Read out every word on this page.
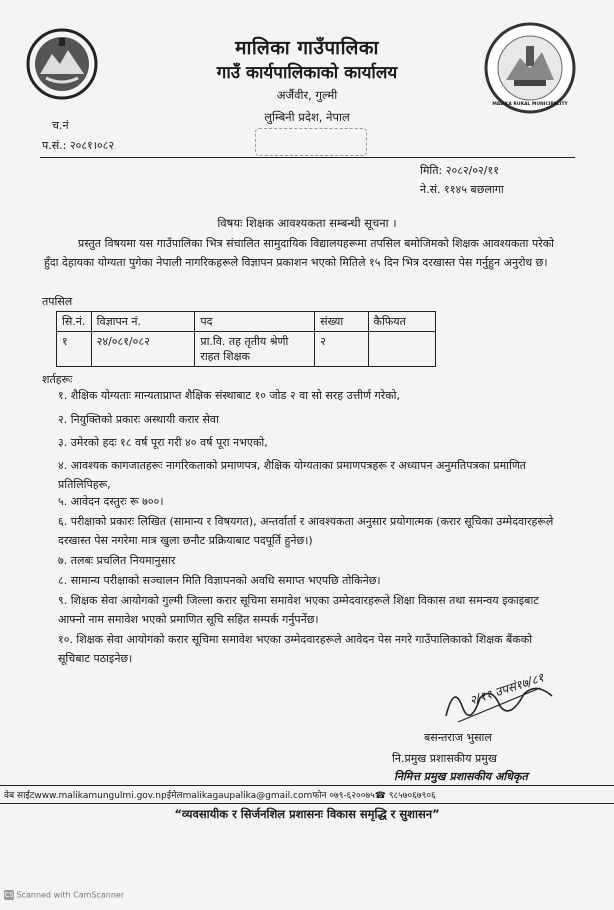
MALIKA RURAL MUNICIPALITY
मालिका गाउँपालिका
गाउँ कार्यपालिकाको कार्यालय
अर्जैवीर, गुल्मी
लुम्बिनी प्रदेश, नेपाल
च.नं
प.सं.: २०८१।०८२
मिति: २०८२/०२/११
ने.सं. ११४५ बछलागा
विषयः शिक्षक आवश्यकता सम्बन्धी सूचना ।
प्रस्तुत विषयमा यस गाउँपालिका भित्र संचालित सामुदायिक विद्यालयहरूमा तपसिल बमोजिमको शिक्षक आवश्यकता परेको हुँदा देहायका योग्यता पुगेका नेपाली नागरिकहरूले विज्ञापन प्रकाशन भएको मितिले १५ दिन भित्र दरखास्त पेस गर्नुहुन अनुरोध छ।
तपसिल
सि.नं.	विज्ञापन नं.	पद	संख्या	कैफियत
१	२४/०८१/०८२	प्रा.वि. तह तृतीय श्रेणी राहत शिक्षक	२	
शर्तहरूः
१. शैक्षिक योग्यताः मान्यताप्राप्त शैक्षिक संस्थाबाट १० जोड २ वा सो सरह उत्तीर्ण गरेको,
२. नियुक्तिको प्रकारः अस्थायी करार सेवा
३. उमेरको हदः १८ वर्ष पूरा गरी ४० वर्ष पूरा नभएको,
४. आवश्यक कागजातहरूः नागरिकताको प्रमाणपत्र, शैक्षिक योग्यताका प्रमाणपत्रहरू र अध्यापन अनुमतिपत्रका प्रमाणित प्रतिलिपिहरू,
५. आवेदन दस्तुरः रू ७००।
६. परीक्षाको प्रकारः लिखित (सामान्य र विषयगत), अन्तर्वार्ता र आवश्यकता अनुसार प्रयोगात्मक (करार सूचिका उम्मेदवारहरूले दरखास्त पेस नगरेमा मात्र खुला छनौट प्रक्रियाबाट पदपूर्ति हुनेछ।)
७. तलबः प्रचलित नियमानुसार
८. सामान्य परीक्षाको सञ्चालन मिति विज्ञापनको अवधि समाप्त भएपछि तोकिनेछ।
९. शिक्षक सेवा आयोगको गुल्मी जिल्ला करार सूचिमा समावेश भएका उम्मेदवारहरूले शिक्षा विकास तथा समन्वय इकाइबाट आफ्नो नाम समावेश भएको प्रमाणित सूचि सहित सम्पर्क गर्नुपर्नेछ।
१०. शिक्षक सेवा आयोगको करार सूचिमा समावेश भएका उम्मेदवारहरूले आवेदन पेस नगरे गाउँपालिकाको शिक्षक बैंकको सूचिबाट पठाइनेछ।
२/११ उपसं१७/८१
बसन्तराज भुसाल
नि.प्रमुख प्रशासकीय प्रमुख
निमित्त प्रमुख प्रशासकीय अधिकृत
वेब साईटwww.malikamungulmi.gov.npईमेलmalikagaupalika@gmail.comफोन ०७९-६२००७५☎ ९८५७०६७९०६
“व्यवसायीक र सिर्जनशिल प्रशासनः विकास समृद्धि र सुशासन”
CS Scanned with CamScanner
